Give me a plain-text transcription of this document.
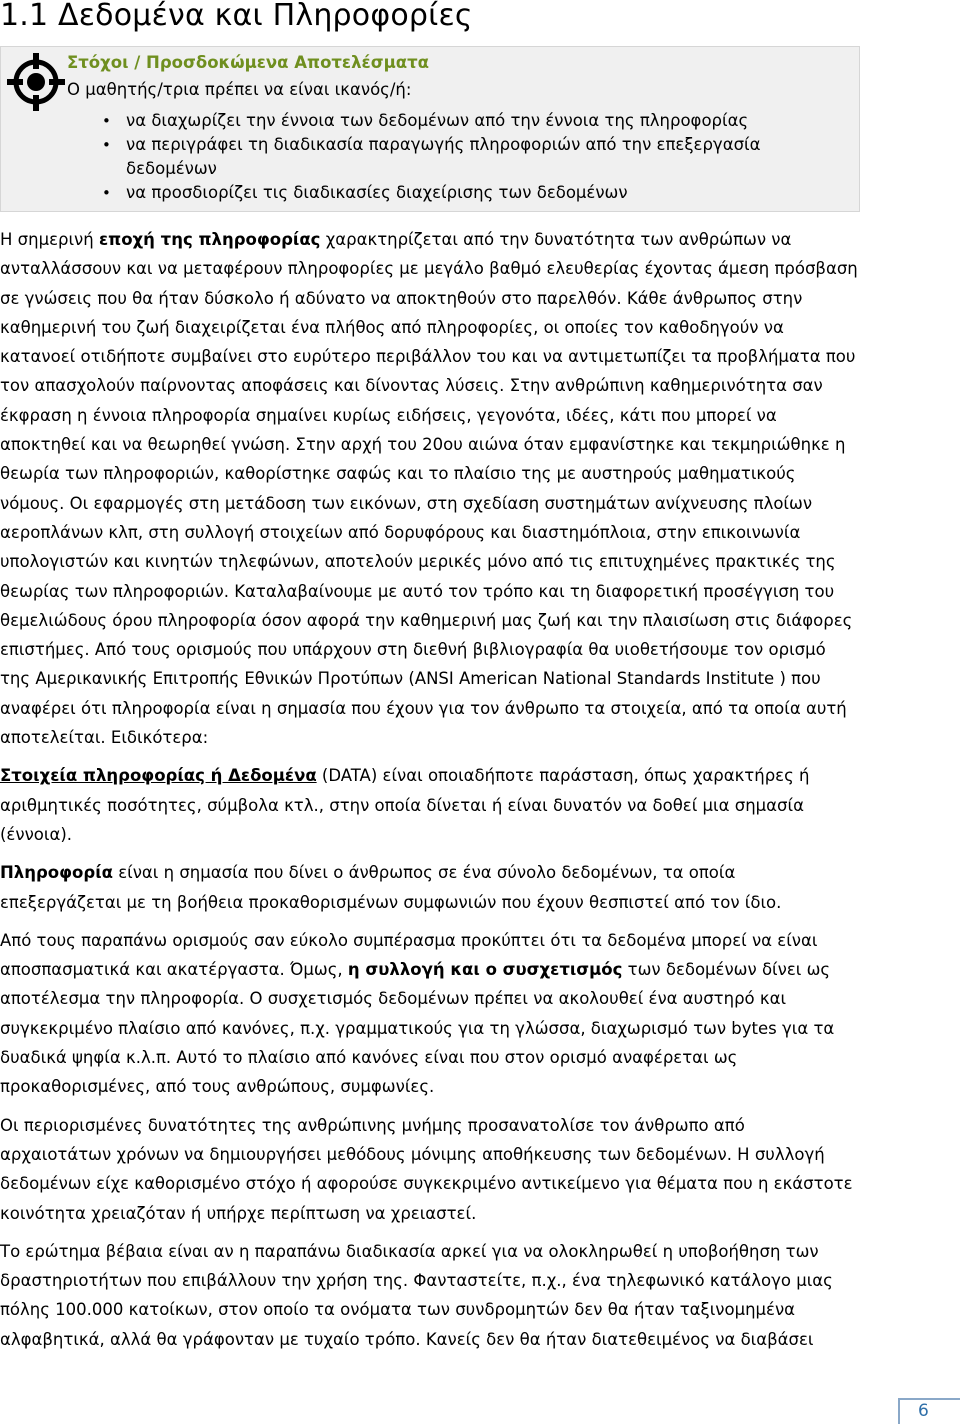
1.1 Δεδομένα και Πληροφορίες
Στόχοι / Προσδοκώμενα Αποτελέσματα
Ο μαθητής/τρια πρέπει να είναι ικανός/ή:
• να διαχωρίζει την έννοια των δεδομένων από την έννοια της πληροφορίας
• να περιγράφει τη διαδικασία παραγωγής πληροφοριών από την επεξεργασία δεδομένων
• να προσδιορίζει τις διαδικασίες διαχείρισης των δεδομένων

Η σημερινή εποχή της πληροφορίας χαρακτηρίζεται από την δυνατότητα των ανθρώπων να ανταλλάσσουν και να μεταφέρουν πληροφορίες με μεγάλο βαθμό ελευθερίας έχοντας άμεση πρόσβαση σε γνώσεις που θα ήταν δύσκολο ή αδύνατο να αποκτηθούν στο παρελθόν. Κάθε άνθρωπος στην καθημερινή του ζωή διαχειρίζεται ένα πλήθος από πληροφορίες, οι οποίες τον καθοδηγούν να κατανοεί οτιδήποτε συμβαίνει στο ευρύτερο περιβάλλον του και να αντιμετωπίζει τα προβλήματα που τον απασχολούν παίρνοντας αποφάσεις και δίνοντας λύσεις. Στην ανθρώπινη καθημερινότητα σαν έκφραση η έννοια πληροφορία σημαίνει κυρίως ειδήσεις, γεγονότα, ιδέες, κάτι που μπορεί να αποκτηθεί και να θεωρηθεί γνώση. Στην αρχή του 20ου αιώνα όταν εμφανίστηκε και τεκμηριώθηκε η θεωρία των πληροφοριών, καθορίστηκε σαφώς και το πλαίσιο της με αυστηρούς μαθηματικούς νόμους. Οι εφαρμογές στη μετάδοση των εικόνων, στη σχεδίαση συστημάτων ανίχνευσης πλοίων αεροπλάνων κλπ, στη συλλογή στοιχείων από δορυφόρους και διαστημόπλοια, στην επικοινωνία υπολογιστών και κινητών τηλεφώνων, αποτελούν μερικές μόνο από τις επιτυχημένες πρακτικές της θεωρίας των πληροφοριών. Καταλαβαίνουμε με αυτό τον τρόπο και τη διαφορετική προσέγγιση του θεμελιώδους όρου πληροφορία όσον αφορά την καθημερινή μας ζωή και την πλαισίωση στις διάφορες επιστήμες. Από τους ορισμούς που υπάρχουν στη διεθνή βιβλιογραφία θα υιοθετήσουμε τον ορισμό της Αμερικανικής Επιτροπής Εθνικών Προτύπων (ANSI American National Standards Institute ) που αναφέρει ότι πληροφορία είναι η σημασία που έχουν για τον άνθρωπο τα στοιχεία, από τα οποία αυτή αποτελείται. Ειδικότερα:

Στοιχεία πληροφορίας ή Δεδομένα (DATA) είναι οποιαδήποτε παράσταση, όπως χαρακτήρες ή αριθμητικές ποσότητες, σύμβολα κτλ., στην οποία δίνεται ή είναι δυνατόν να δοθεί μια σημασία (έννοια).

Πληροφορία είναι η σημασία που δίνει ο άνθρωπος σε ένα σύνολο δεδομένων, τα οποία επεξεργάζεται με τη βοήθεια προκαθορισμένων συμφωνιών που έχουν θεσπιστεί από τον ίδιο.

Από τους παραπάνω ορισμούς σαν εύκολο συμπέρασμα προκύπτει ότι τα δεδομένα μπορεί να είναι αποσπασματικά και ακατέργαστα. Όμως, η συλλογή και ο συσχετισμός των δεδομένων δίνει ως αποτέλεσμα την πληροφορία. Ο συσχετισμός δεδομένων πρέπει να ακολουθεί ένα αυστηρό και συγκεκριμένο πλαίσιο από κανόνες, π.χ. γραμματικούς για τη γλώσσα, διαχωρισμό των bytes για τα δυαδικά ψηφία κ.λ.π. Αυτό το πλαίσιο από κανόνες είναι που στον ορισμό αναφέρεται ως προκαθορισμένες, από τους ανθρώπους, συμφωνίες.

Οι περιορισμένες δυνατότητες της ανθρώπινης μνήμης προσανατολίσε τον άνθρωπο από αρχαιοτάτων χρόνων να δημιουργήσει μεθόδους μόνιμης αποθήκευσης των δεδομένων. Η συλλογή δεδομένων είχε καθορισμένο στόχο ή αφορούσε συγκεκριμένο αντικείμενο για θέματα που η εκάστοτε κοινότητα χρειαζόταν ή υπήρχε περίπτωση να χρειαστεί.

Το ερώτημα βέβαια είναι αν η παραπάνω διαδικασία αρκεί για να ολοκληρωθεί η υποβοήθηση των δραστηριοτήτων που επιβάλλουν την χρήση της. Φανταστείτε, π.χ., ένα τηλεφωνικό κατάλογο μιας πόλης 100.000 κατοίκων, στον οποίο τα ονόματα των συνδρομητών δεν θα ήταν ταξινομημένα αλφαβητικά, αλλά θα γράφονταν με τυχαίο τρόπο. Κανείς δεν θα ήταν διατεθειμένος να διαβάσει

6
